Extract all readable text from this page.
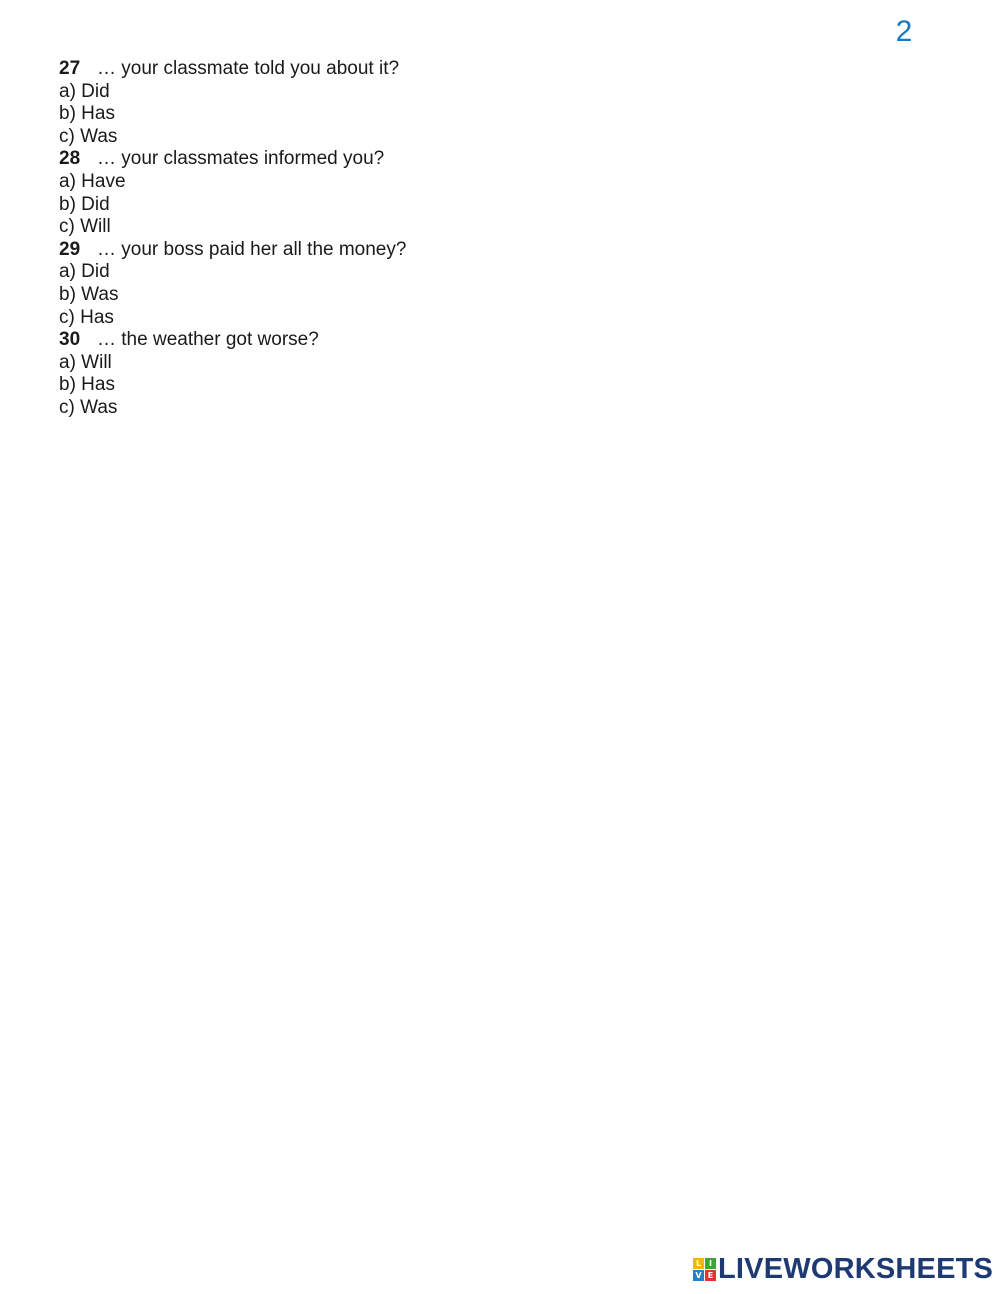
2
27 … your classmate told you about it?
a) Did
b) Has
c) Was
28 … your classmates informed you?
a) Have
b) Did
c) Will
29 … your boss paid her all the money?
a) Did
b) Was
c) Has
30 … the weather got worse?
a) Will
b) Has
c) Was
L I
V E LIVEWORKSHEETS
